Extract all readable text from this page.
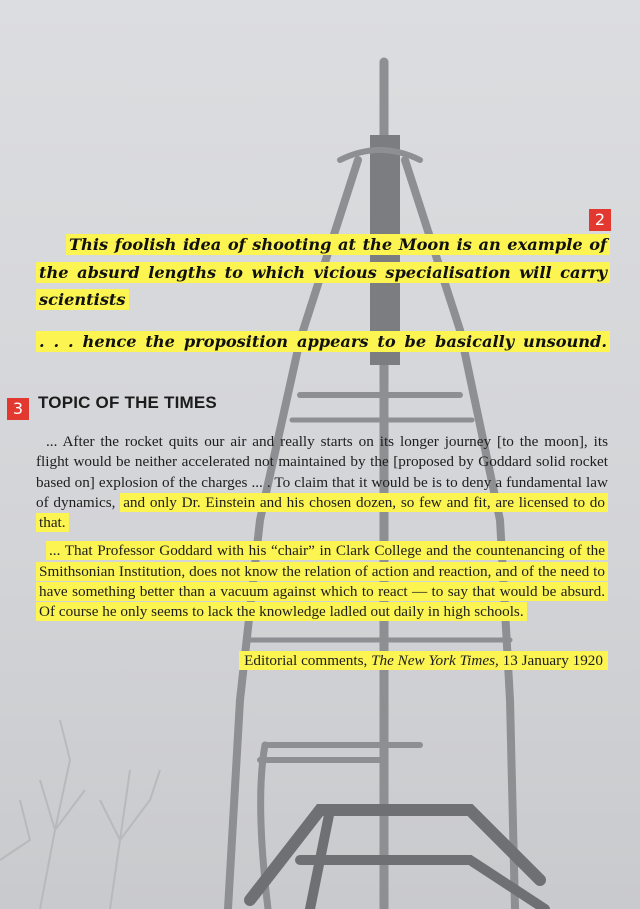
2

This foolish idea of shooting at the Moon is an example of the absurd lengths to which vicious specialisation will carry scientists

. . . hence the proposition appears to be basically unsound.

3 TOPIC OF THE TIMES

... After the rocket quits our air and really starts on its longer journey [to the moon], its flight would be neither accelerated not maintained by the [proposed by Goddard solid rocket based on] explosion of the charges ... . To claim that it would be is to deny a fundamental law of dynamics, and only Dr. Einstein and his chosen dozen, so few and fit, are licensed to do that.

... That Professor Goddard with his “chair” in Clark College and the countenancing of the Smithsonian Institution, does not know the relation of action and reaction, and of the need to have something better than a vacuum against which to react — to say that would be absurd. Of course he only seems to lack the knowledge ladled out daily in high schools.

Editorial comments, The New York Times, 13 January 1920
